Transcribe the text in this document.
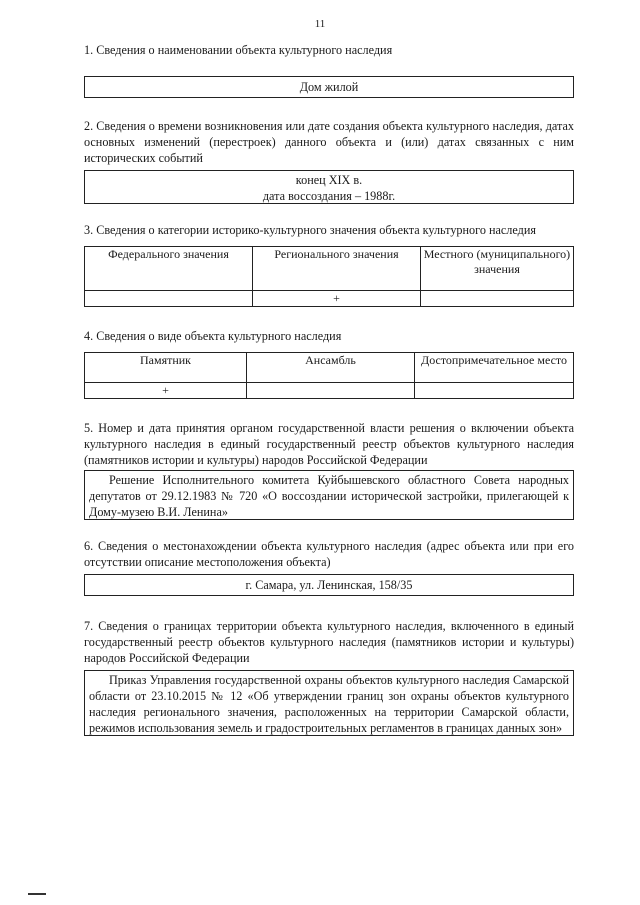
11
1. Сведения о наименовании объекта культурного наследия
Дом жилой
2. Сведения о времени возникновения или дате создания объекта культурного наследия, датах основных изменений (перестроек) данного объекта и (или) датах связанных с ним исторических событий
конец XIX в.
дата воссоздания – 1988г.
3. Сведения о категории историко-культурного значения объекта культурного наследия
Федерального значения	Регионального значения	Местного (муниципального) значения
	+	
4. Сведения о виде объекта культурного наследия
Памятник	Ансамбль	Достопримечательное место
+		
5. Номер и дата принятия органом государственной власти решения о включении объекта культурного наследия в единый государственный реестр объектов культурного наследия (памятников истории и культуры) народов Российской Федерации
Решение Исполнительного комитета Куйбышевского областного Совета народных депутатов от 29.12.1983 № 720 «О воссоздании исторической застройки, прилегающей к Дому-музею В.И. Ленина»
6. Сведения о местонахождении объекта культурного наследия (адрес объекта или при его отсутствии описание местоположения объекта)
г. Самара, ул. Ленинская, 158/35
7. Сведения о границах территории объекта культурного наследия, включенного в единый государственный реестр объектов культурного наследия (памятников истории и культуры) народов Российской Федерации
Приказ Управления государственной охраны объектов культурного наследия Самарской области от 23.10.2015 № 12 «Об утверждении границ зон охраны объектов культурного наследия регионального значения, расположенных на территории Самарской области, режимов использования земель и градостроительных регламентов в границах данных зон»
